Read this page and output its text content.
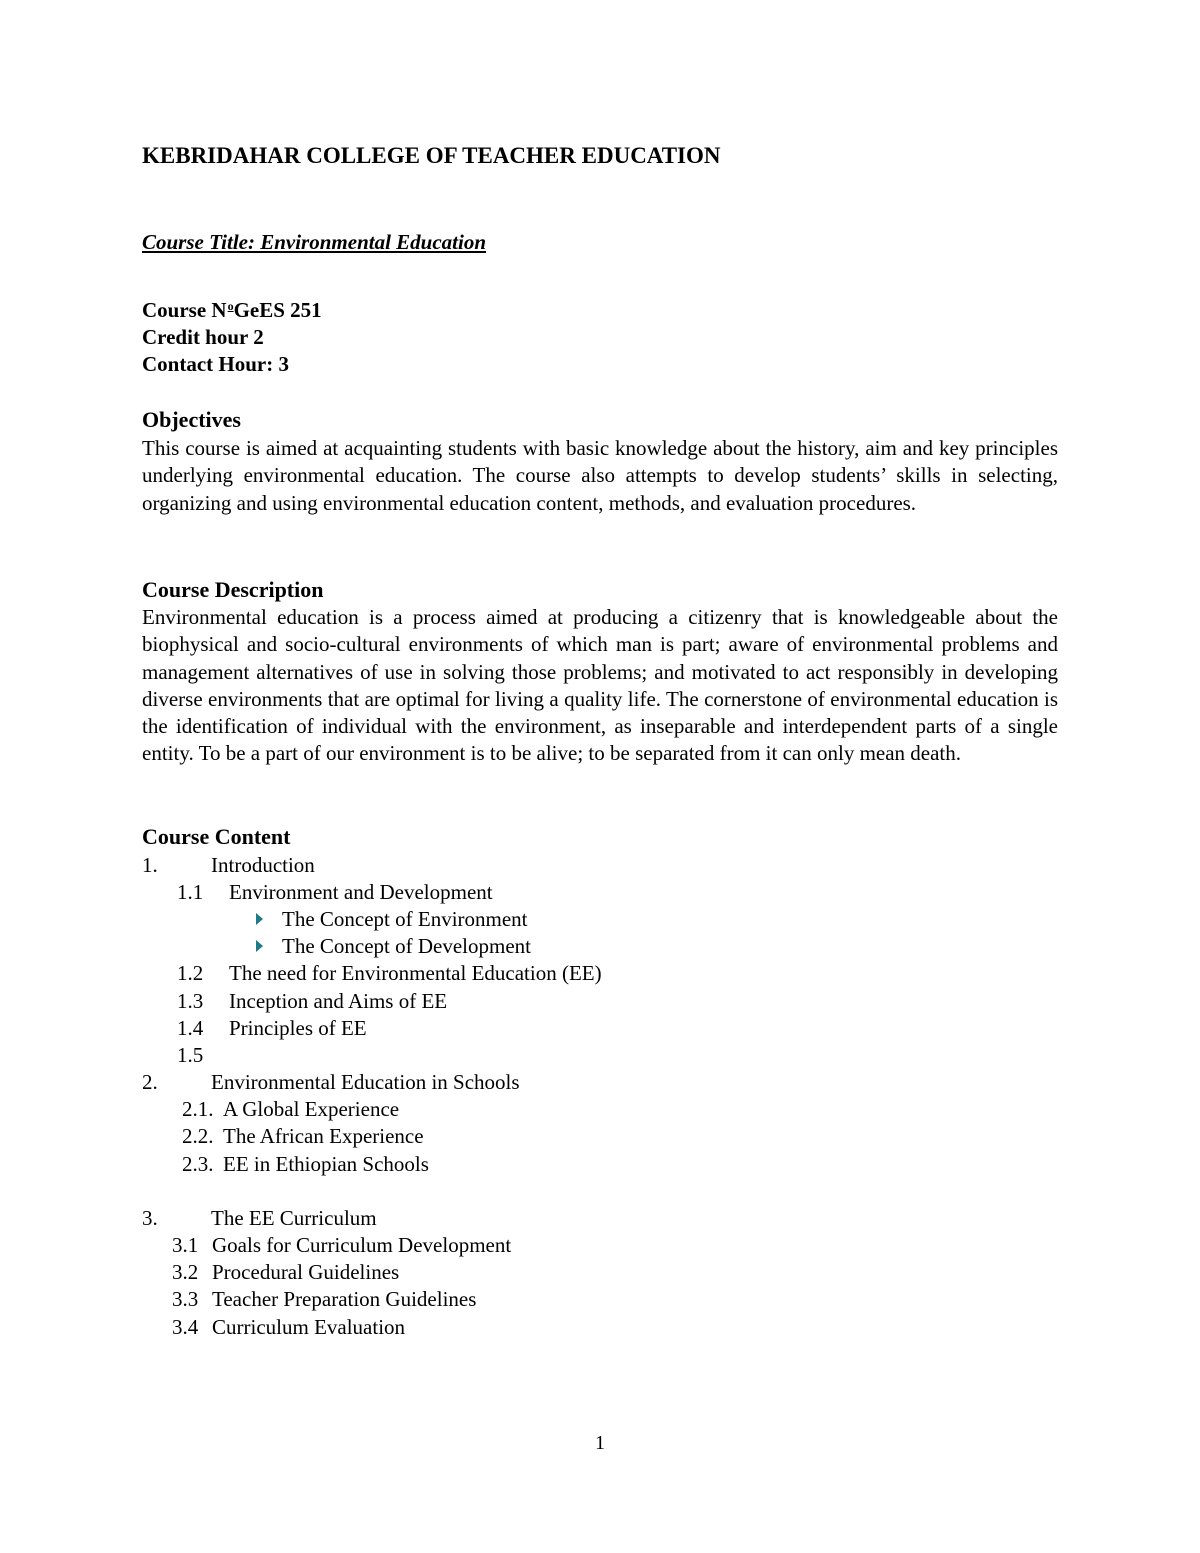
KEBRIDAHAR COLLEGE OF TEACHER EDUCATION
Course Title: Environmental Education
Course $N^oGeES$ 251
Credit hour 2
Contact Hour: 3
Objectives
This course is aimed at acquainting students with basic knowledge about the history, aim and key principles underlying environmental education. The course also attempts to develop students’ skills in selecting, organizing and using environmental education content, methods, and evaluation procedures.
Course Description
Environmental education is a process aimed at producing a citizenry that is knowledgeable about the biophysical and socio-cultural environments of which man is part; aware of environmental problems and management alternatives of use in solving those problems; and motivated to act responsibly in developing diverse environments that are optimal for living a quality life. The cornerstone of environmental education is the identification of individual with the environment, as inseparable and interdependent parts of a single entity. To be a part of our environment is to be alive; to be separated from it can only mean death.
Course Content
1.	Introduction
1.1 Environment and Development
The Concept of Environment
The Concept of Development
1.2 The need for Environmental Education (EE)
1.3 Inception and Aims of EE
1.4 Principles of EE
1.5
2.	Environmental Education in Schools
2.1. A Global Experience
2.2. The African Experience
2.3. EE in Ethiopian Schools
3.	The EE Curriculum
3.1 Goals for Curriculum Development
3.2 Procedural Guidelines
3.3 Teacher Preparation Guidelines
3.4 Curriculum Evaluation
1
